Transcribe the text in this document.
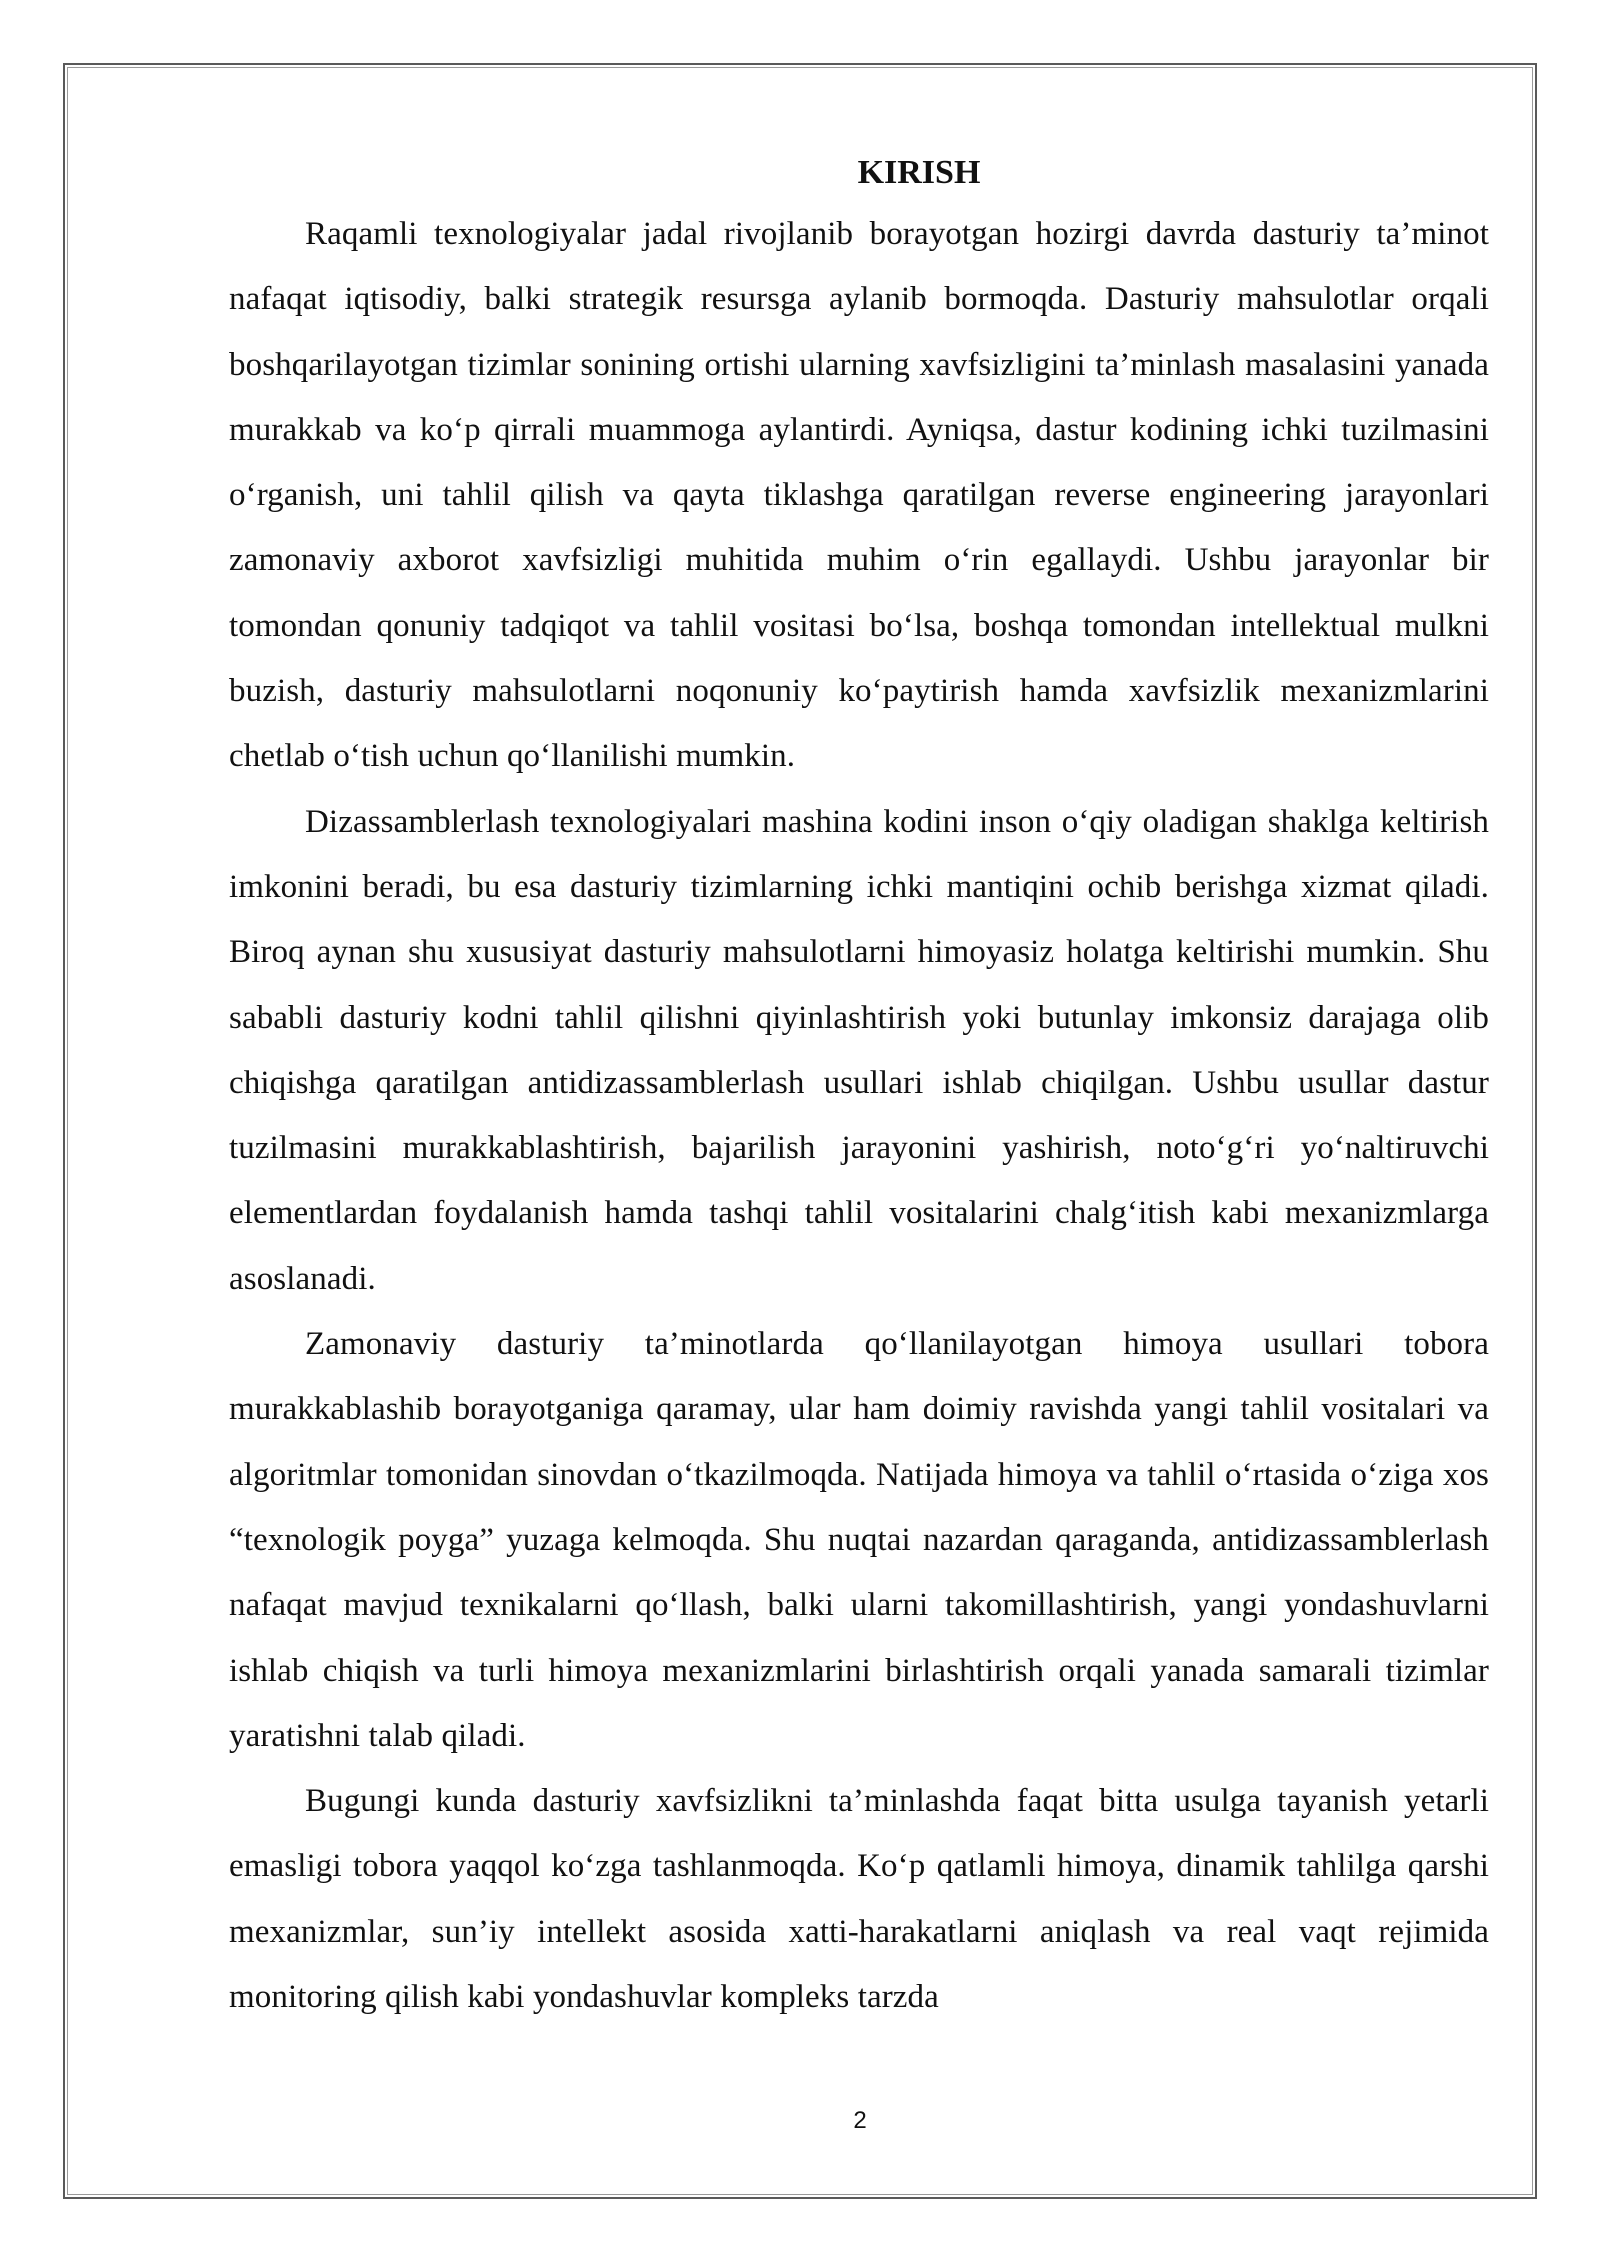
KIRISH

Raqamli texnologiyalar jadal rivojlanib borayotgan hozirgi davrda dasturiy ta’minot nafaqat iqtisodiy, balki strategik resursga aylanib bormoqda. Dasturiy mahsulotlar orqali boshqarilayotgan tizimlar sonining ortishi ularning xavfsizligini ta’minlash masalasini yanada murakkab va ko‘p qirrali muammoga aylantirdi. Ayniqsa, dastur kodining ichki tuzilmasini o‘rganish, uni tahlil qilish va qayta tiklashga qaratilgan reverse engineering jarayonlari zamonaviy axborot xavfsizligi muhitida muhim o‘rin egallaydi. Ushbu jarayonlar bir tomondan qonuniy tadqiqot va tahlil vositasi bo‘lsa, boshqa tomondan intellektual mulkni buzish, dasturiy mahsulotlarni noqonuniy ko‘paytirish hamda xavfsizlik mexanizmlarini chetlab o‘tish uchun qo‘llanilishi mumkin.

Dizassamblerlash texnologiyalari mashina kodini inson o‘qiy oladigan shaklga keltirish imkonini beradi, bu esa dasturiy tizimlarning ichki mantiqini ochib berishga xizmat qiladi. Biroq aynan shu xususiyat dasturiy mahsulotlarni himoyasiz holatga keltirishi mumkin. Shu sababli dasturiy kodni tahlil qilishni qiyinlashtirish yoki butunlay imkonsiz darajaga olib chiqishga qaratilgan antidizassamblerlash usullari ishlab chiqilgan. Ushbu usullar dastur tuzilmasini murakkablashtirish, bajarilish jarayonini yashirish, noto‘g‘ri yo‘naltiruvchi elementlardan foydalanish hamda tashqi tahlil vositalarini chalg‘itish kabi mexanizmlarga asoslanadi.

Zamonaviy dasturiy ta’minotlarda qo‘llanilayotgan himoya usullari tobora murakkablashib borayotganiga qaramay, ular ham doimiy ravishda yangi tahlil vositalari va algoritmlar tomonidan sinovdan o‘tkazilmoqda. Natijada himoya va tahlil o‘rtasida o‘ziga xos “texnologik poyga” yuzaga kelmoqda. Shu nuqtai nazardan qaraganda, antidizassamblerlash nafaqat mavjud texnikalarni qo‘llash, balki ularni takomillashtirish, yangi yondashuvlarni ishlab chiqish va turli himoya mexanizmlarini birlashtirish orqali yanada samarali tizimlar yaratishni talab qiladi.

Bugungi kunda dasturiy xavfsizlikni ta’minlashda faqat bitta usulga tayanish yetarli emasligi tobora yaqqol ko‘zga tashlanmoqda. Ko‘p qatlamli himoya, dinamik tahlilga qarshi mexanizmlar, sun’iy intellekt asosida xatti-harakatlarni aniqlash va real vaqt rejimida monitoring qilish kabi yondashuvlar kompleks tarzda

2
